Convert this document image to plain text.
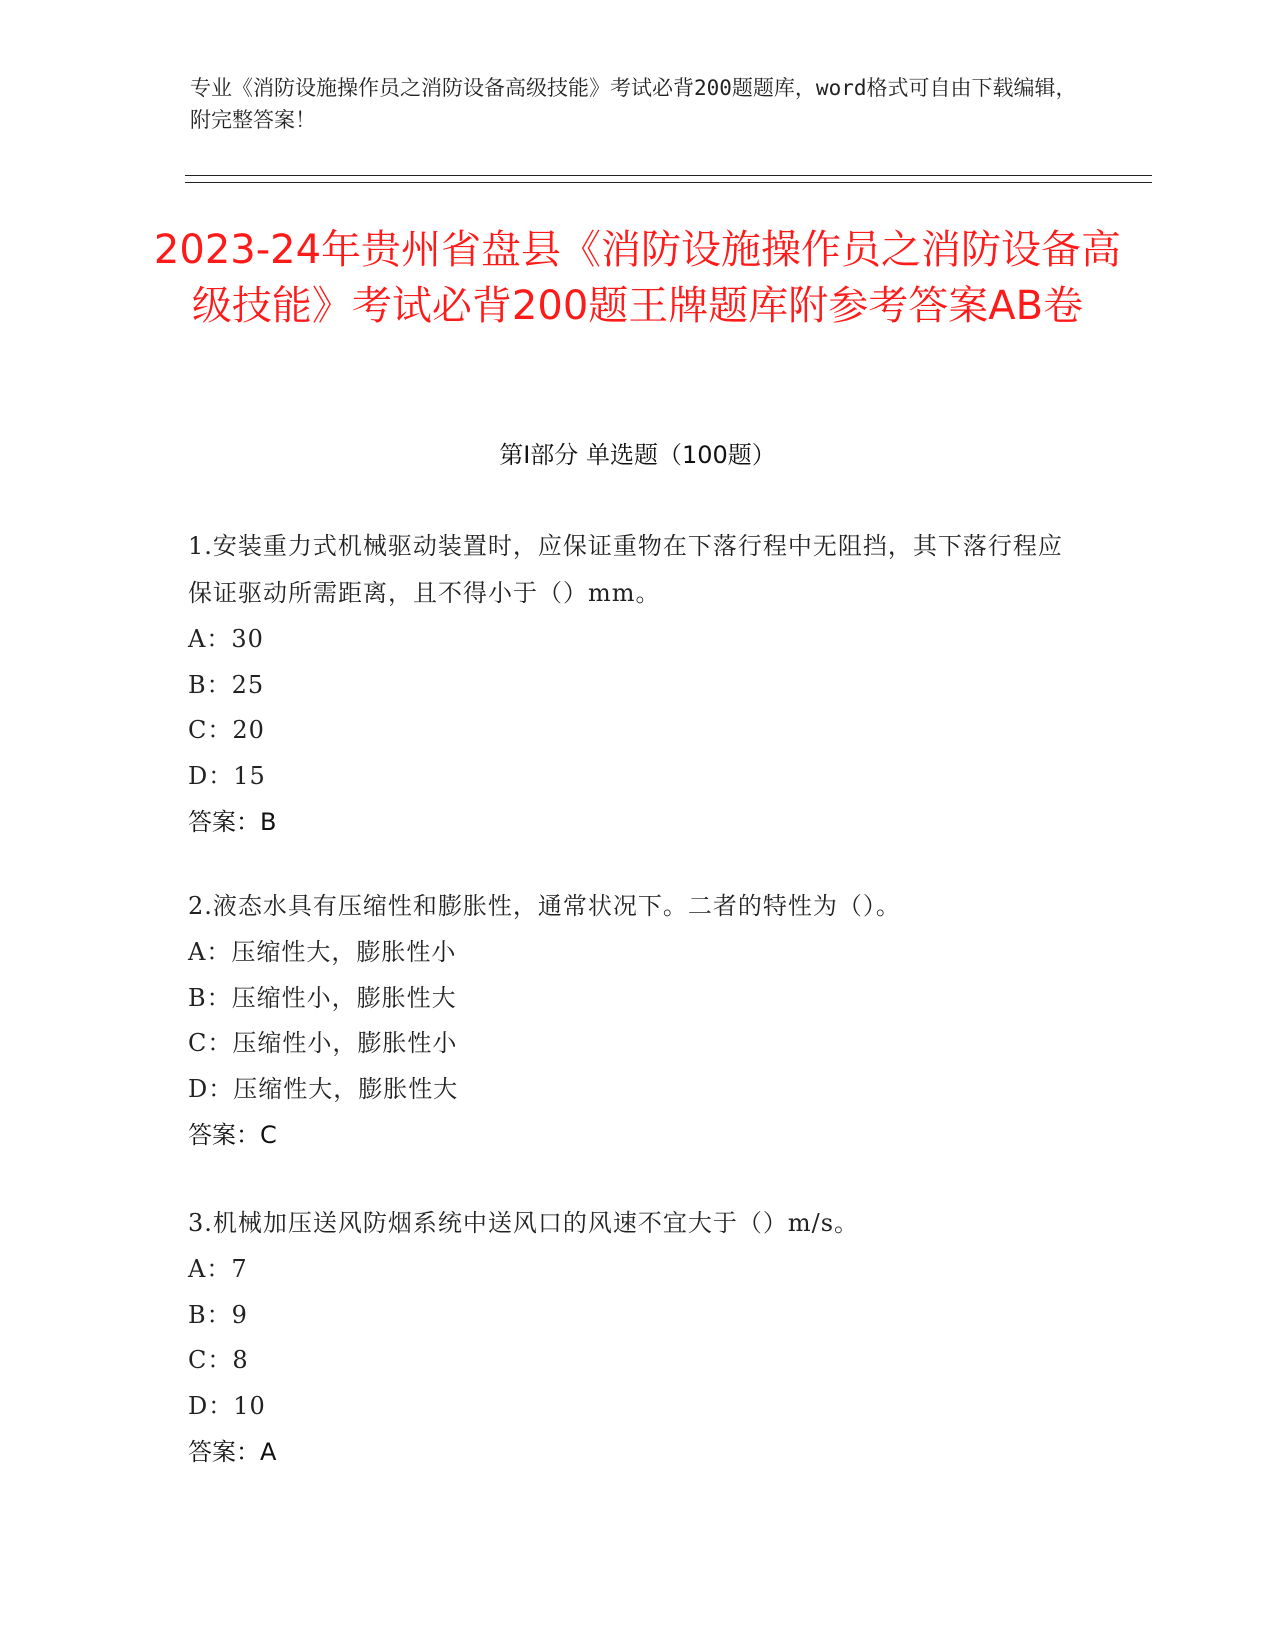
专业《消防设施操作员之消防设备高级技能》考试必背200题题库，word格式可自由下载编辑，附完整答案！
2023-24年贵州省盘县《消防设施操作员之消防设备高级技能》考试必背200题王牌题库附参考答案AB卷
第Ⅰ部分 单选题（100题）
1.安装重力式机械驱动装置时，应保证重物在下落行程中无阻挡，其下落行程应保证驱动所需距离，且不得小于（）mm。
A：30
B：25
C：20
D：15
答案：B
2.液态水具有压缩性和膨胀性，通常状况下。二者的特性为（）。
A：压缩性大，膨胀性小
B：压缩性小，膨胀性大
C：压缩性小，膨胀性小
D：压缩性大，膨胀性大
答案：C
3.机械加压送风防烟系统中送风口的风速不宜大于（）m/s。
A：7
B：9
C：8
D：10
答案：A
